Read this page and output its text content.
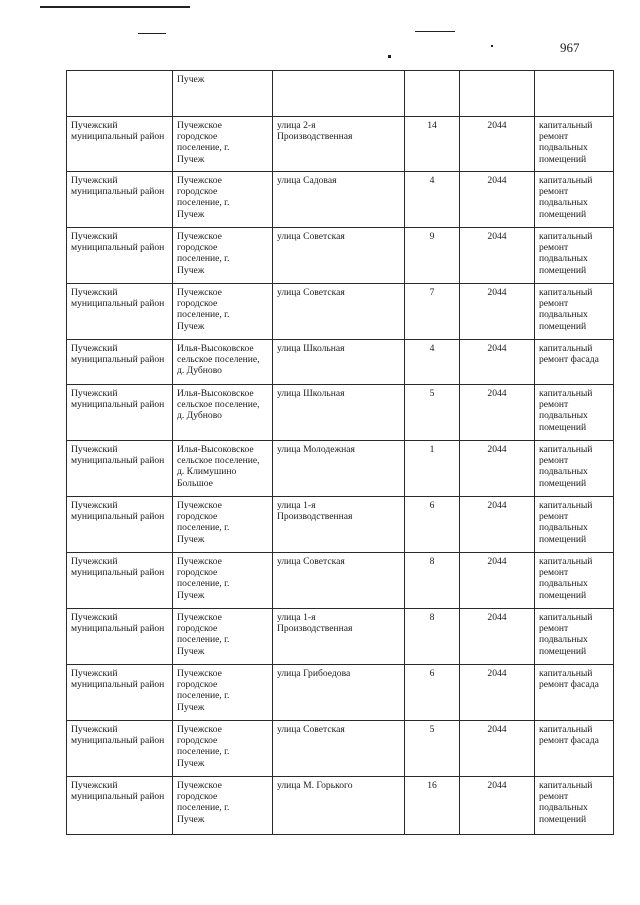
967
	Пучеж				
Пучежский муниципальный район	Пучежское
городское
поселение, г.
Пучеж	улица 2-я
Производственная	14	2044	капитальный
ремонт
подвальных
помещений
Пучежский муниципальный район	Пучежское
городское
поселение, г.
Пучеж	улица Садовая	4	2044	капитальный
ремонт
подвальных
помещений
Пучежский муниципальный район	Пучежское
городское
поселение, г.
Пучеж	улица Советская	9	2044	капитальный
ремонт
подвальных
помещений
Пучежский муниципальный район	Пучежское
городское
поселение, г.
Пучеж	улица Советская	7	2044	капитальный
ремонт
подвальных
помещений
Пучежский муниципальный район	Илья-Высоковское
сельское поселение,
д. Дубново	улица Школьная	4	2044	капитальный
ремонт фасада
Пучежский муниципальный район	Илья-Высоковское
сельское поселение,
д. Дубново	улица Школьная	5	2044	капитальный
ремонт
подвальных
помещений
Пучежский муниципальный район	Илья-Высоковское
сельское поселение,
д. Климушино
Большое	улица Молодежная	1	2044	капитальный
ремонт
подвальных
помещений
Пучежский муниципальный район	Пучежское
городское
поселение, г.
Пучеж	улица 1-я
Производственная	6	2044	капитальный
ремонт
подвальных
помещений
Пучежский муниципальный район	Пучежское
городское
поселение, г.
Пучеж	улица Советская	8	2044	капитальный
ремонт
подвальных
помещений
Пучежский муниципальный район	Пучежское
городское
поселение, г.
Пучеж	улица 1-я
Производственная	8	2044	капитальный
ремонт
подвальных
помещений
Пучежский муниципальный район	Пучежское
городское
поселение, г.
Пучеж	улица Грибоедова	6	2044	капитальный
ремонт фасада
Пучежский муниципальный район	Пучежское
городское
поселение, г.
Пучеж	улица Советская	5	2044	капитальный
ремонт фасада
Пучежский муниципальный район	Пучежское
городское
поселение, г.
Пучеж	улица М. Горького	16	2044	капитальный
ремонт
подвальных
помещений
